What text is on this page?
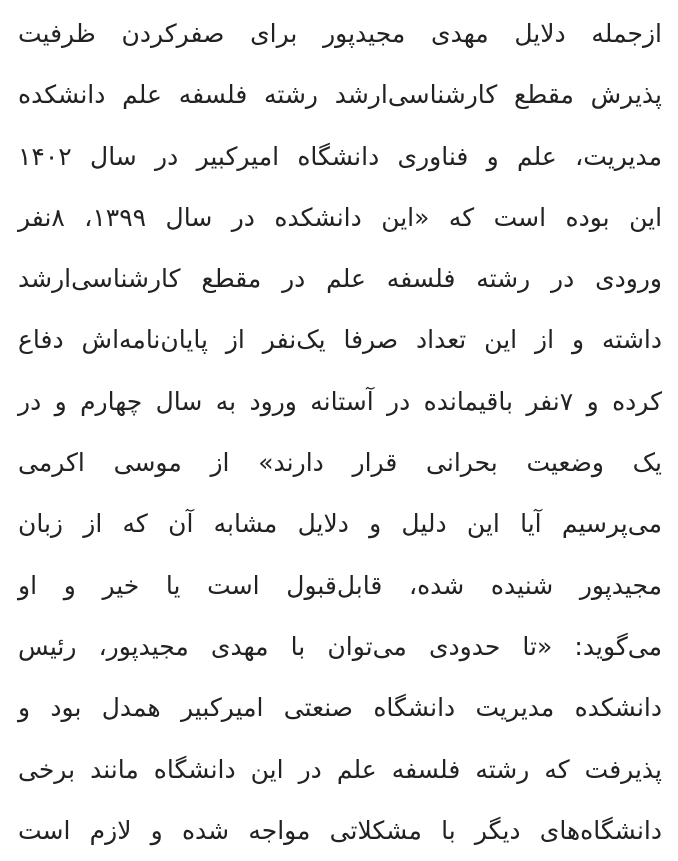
ازجمله دلایل مهدی مجیدپور برای صفرکردن ظرفیت
پذیرش مقطع کارشناسی‌ارشد رشته فلسفه علم دانشکده
مدیریت، علم و فناوری دانشگاه امیرکبیر در سال ۱۴۰۲
این بوده است که «این دانشکده در سال ۱۳۹۹، ۸نفر
ورودی در رشته فلسفه علم در مقطع کارشناسی‌ارشد
داشته و از این تعداد صرفا یک‌نفر از پایان‌نامه‌اش دفاع
کرده و ۷نفر باقیمانده در آستانه ورود به سال چهارم و در
یک وضعیت بحرانی قرار دارند» از موسی اکرمی
می‌پرسیم آیا این دلیل و دلایل مشابه آن که از زبان
مجیدپور شنیده شده، قابل‌قبول است یا خیر و او
می‌گوید: «تا حدودی می‌توان با مهدی مجیدپور، رئیس
دانشکده مدیریت دانشگاه صنعتی امیرکبیر همدل بود و
پذیرفت که رشته فلسفه علم در این دانشگاه مانند برخی
دانشگاه‌های دیگر با مشکلاتی مواجه شده و لازم است
